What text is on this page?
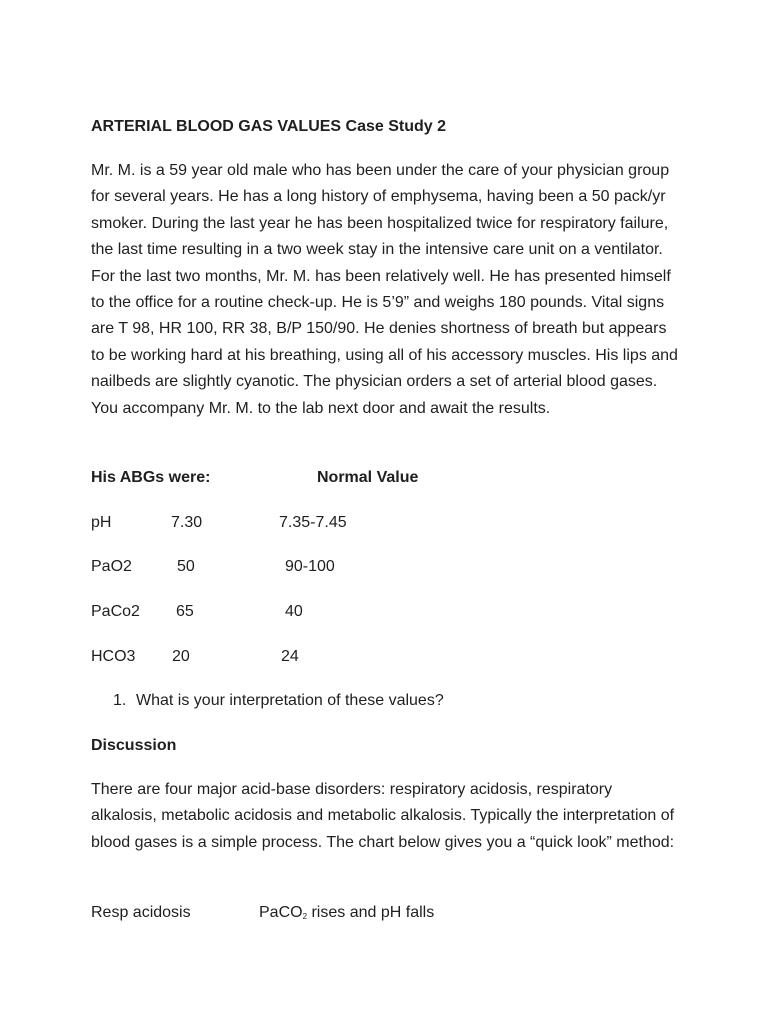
ARTERIAL BLOOD GAS VALUES Case Study 2

Mr. M. is a 59 year old male who has been under the care of your physician group for several years. He has a long history of emphysema, having been a 50 pack/yr smoker. During the last year he has been hospitalized twice for respiratory failure, the last time resulting in a two week stay in the intensive care unit on a ventilator. For the last two months, Mr. M. has been relatively well. He has presented himself to the office for a routine check-up. He is 5’9” and weighs 180 pounds. Vital signs are T 98, HR 100, RR 38, B/P 150/90. He denies shortness of breath but appears to be working hard at his breathing, using all of his accessory muscles. His lips and nailbeds are slightly cyanotic. The physician orders a set of arterial blood gases. You accompany Mr. M. to the lab next door and await the results.

His ABGs were:	Normal Value
pH	7.30	7.35-7.45
PaO2	50	90-100
PaCo2 65	40
HCO3 20	24
1. What is your interpretation of these values?

Discussion

There are four major acid-base disorders: respiratory acidosis, respiratory alkalosis, metabolic acidosis and metabolic alkalosis. Typically the interpretation of blood gases is a simple process. The chart below gives you a “quick look” method:

Resp acidosis	PaCO$_2$ rises and pH falls
